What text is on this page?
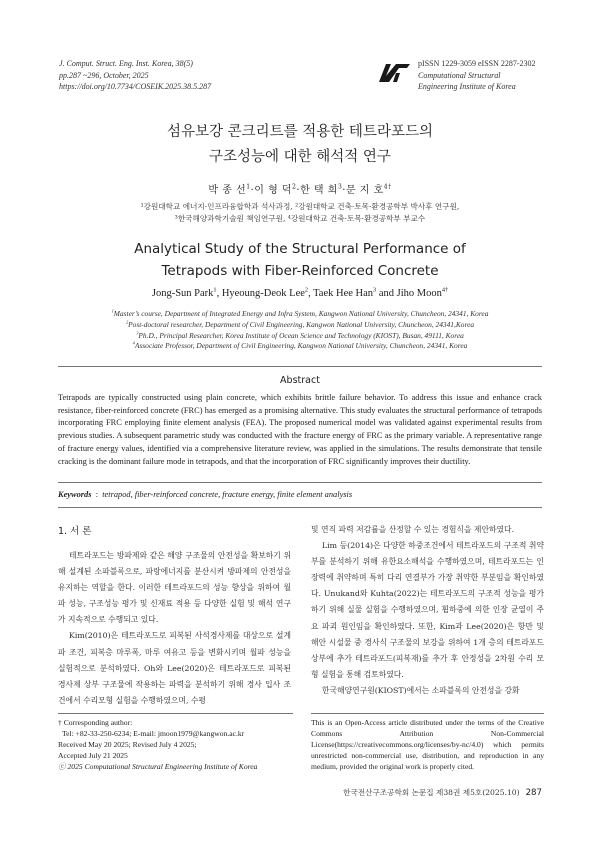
J. Comput. Struct. Eng. Inst. Korea, 38(5)
pp.287 ~296, October, 2025
https://doi.org/10.7734/COSEIK.2025.38.5.287
pISSN 1229-3059 eISSN 2287-2302
Computational Structural
Engineering Institute of Korea
섬유보강 콘크리트를 적용한 테트라포드의
구조성능에 대한 해석적 연구
박 종 선$^1$·이 형 덕$^2$·한 택 희$^3$·문 지 호$^{4\dagger}$
¹강원대학교 에너지·인프라융합학과 석사과정, ²강원대학교 건축·토목·환경공학부 박사후 연구원,
³한국해양과학기술원 책임연구원, ⁴강원대학교 건축·토목·환경공학부 부교수
Analytical Study of the Structural Performance of
Tetrapods with Fiber-Reinforced Concrete
Jong-Sun Park$^1$, Hyeoung-Deok Lee$^2$, Taek Hee Han$^3$ and Jiho Moon$^{4\dagger}$
$^1$Master’s course, Department of Integrated Energy and Infra System, Kangwon National University, Chuncheon, 24341, Korea
$^2$Post-doctoral researcher, Department of Civil Engineering, Kangwon National University, Chuncheon, 24341,Korea
$^3$Ph.D., Principal Researcher, Korea Institute of Ocean Science and Technology (KIOST), Busan, 49111, Korea
$^4$Associate Professor, Department of Civil Engineering, Kangwon National University, Chuncheon, 24341, Korea
Abstract
Tetrapods are typically constructed using plain concrete, which exhibits brittle failure behavior. To address this issue and enhance crack resistance, fiber-reinforced concrete (FRC) has emerged as a promising alternative. This study evaluates the structural performance of tetrapods incorporating FRC employing finite element analysis (FEA). The proposed numerical model was validated against experimental results from previous studies. A subsequent parametric study was conducted with the fracture energy of FRC as the primary variable. A representative range of fracture energy values, identified via a comprehensive literature review, was applied in the simulations. The results demonstrate that tensile cracking is the dominant failure mode in tetrapods, and that the incorporation of FRC significantly improves their ductility.
Keywords : tetrapod, fiber-reinforced concrete, fracture energy, finite element analysis
1. 서 론

테트라포드는 방파제와 같은 해양 구조물의 안전성을 확보하기 위해 설계된 소파블록으로, 파랑에너지를 분산시켜 방파제의 안전성을 유지하는 역할을 한다. 이러한 테트라포드의 성능 향상을 위하여 월파 성능, 구조성능 평가 및 신재료 적용 등 다양한 실험 및 해석 연구가 지속적으로 수행되고 있다.

Kim(2010)은 테트라포드로 피복된 사석경사제를 대상으로 설계파 조건, 피복층 마루폭, 마루 여유고 등을 변화시키며 월파 성능을 실험적으로 분석하였다. Oh와 Lee(2020)은 테트라포드로 피복된 경사제 상부 구조물에 작용하는 파력을 분석하기 위해 경사 입사 조건에서 수리모형 실험을 수행하였으며, 수평

및 연직 파력 저감률을 산정할 수 있는 경험식을 제안하였다.

Lim 등(2014)은 다양한 하중조건에서 테트라포드의 구조적 취약부를 분석하기 위해 유한요소해석을 수행하였으며, 테트라포드는 인장력에 취약하며 특히 다리 연결부가 가장 취약한 부분임을 확인하였다. Unukand와 Kuhta(2022)는 테트라포드의 구조적 성능을 평가하기 위해 실물 실험을 수행하였으며, 휨하중에 의한 인장 균열이 주요 파괴 원인임을 확인하였다. 또한, Kim과 Lee(2020)은 항만 및 해안 시설물 중 경사식 구조물의 보강을 위하여 1개 층의 테트라포드 상부에 추가 테트라포드(피복재)를 추가 후 안정성을 2차원 수리 모형 실험을 통해 검토하였다.

한국해양연구원(KIOST)에서는 소파블록의 안전성을 강화

† Corresponding author:
Tel: +82-33-250-6234; E-mail: jmoon1979@kangwon.ac.kr
Received May 20 2025; Revised July 4 2025;
Accepted July 21 2025
ⓒ 2025 Computational Structural Engineering Institute of Korea
This is an Open-Access article distributed under the terms of the Creative Commons Attribution Non-Commercial License(https://creativecommons.org/licenses/by-nc/4.0) which permits unrestricted non-commercial use, distribution, and reproduction in any medium, provided the original work is properly cited.
한국전산구조공학회 논문집 제38권 제5호(2025.10) 287
